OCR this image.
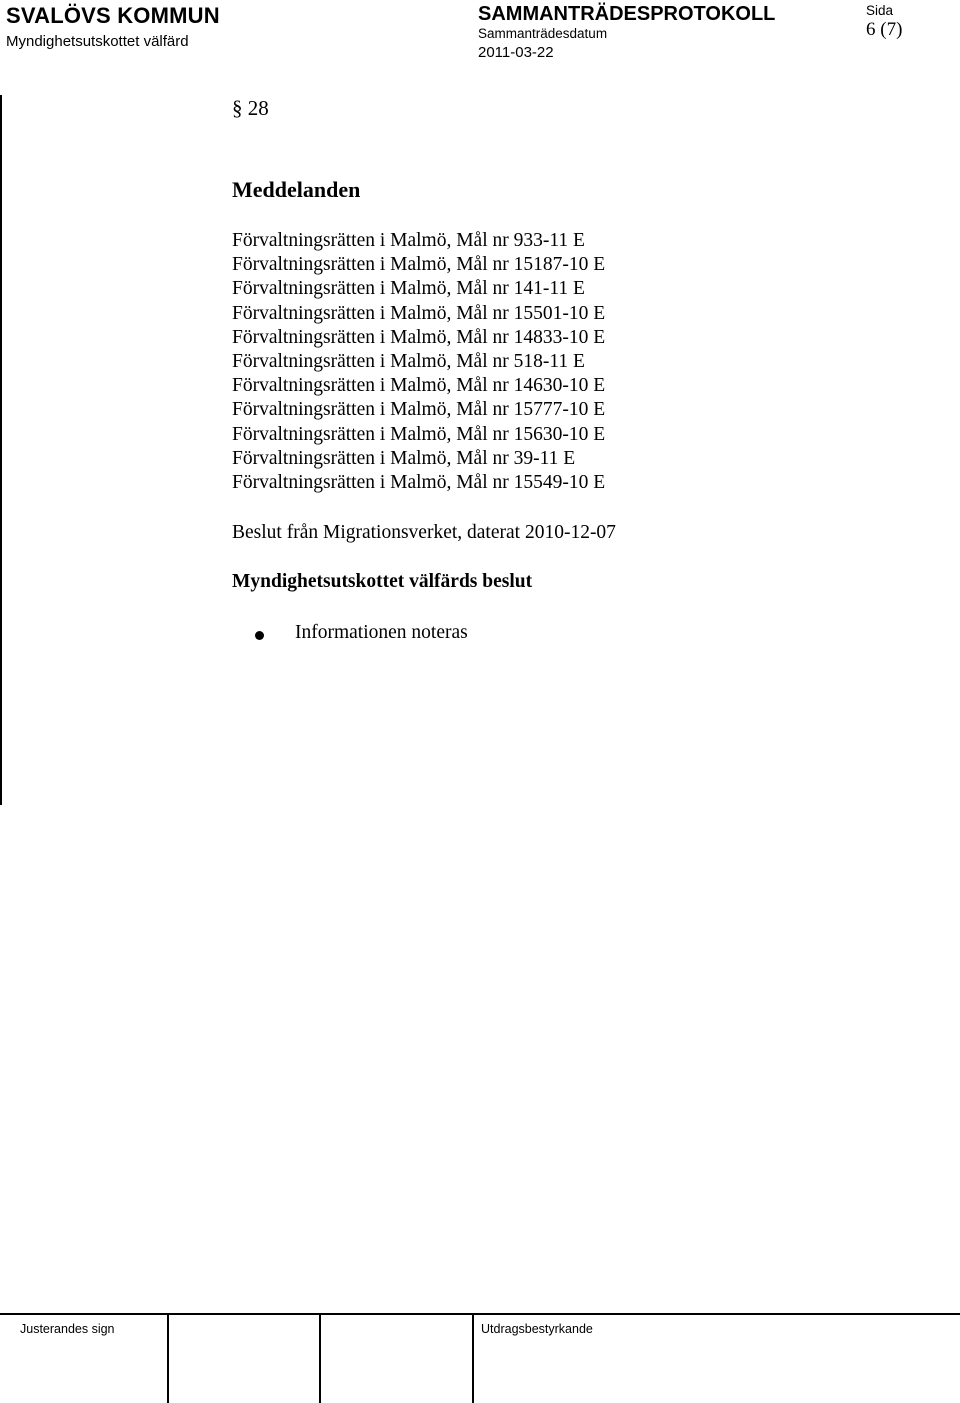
SVALÖVS KOMMUN
Myndighetsutskottet välfärd
SAMMANTRÄDESPROTOKOLL
Sammanträdesdatum
2011-03-22
Sida
6 (7)
§ 28
Meddelanden
Förvaltningsrätten i Malmö, Mål nr 933-11 E
Förvaltningsrätten i Malmö, Mål nr 15187-10 E
Förvaltningsrätten i Malmö, Mål nr 141-11 E
Förvaltningsrätten i Malmö, Mål nr 15501-10 E
Förvaltningsrätten i Malmö, Mål nr 14833-10 E
Förvaltningsrätten i Malmö, Mål nr 518-11 E
Förvaltningsrätten i Malmö, Mål nr 14630-10 E
Förvaltningsrätten i Malmö, Mål nr 15777-10 E
Förvaltningsrätten i Malmö, Mål nr 15630-10 E
Förvaltningsrätten i Malmö, Mål nr 39-11 E
Förvaltningsrätten i Malmö, Mål nr 15549-10 E
Beslut från Migrationsverket, daterat 2010-12-07
Myndighetsutskottet välfärds beslut
Informationen noteras
Justerandes sign	Utdragsbestyrkande
